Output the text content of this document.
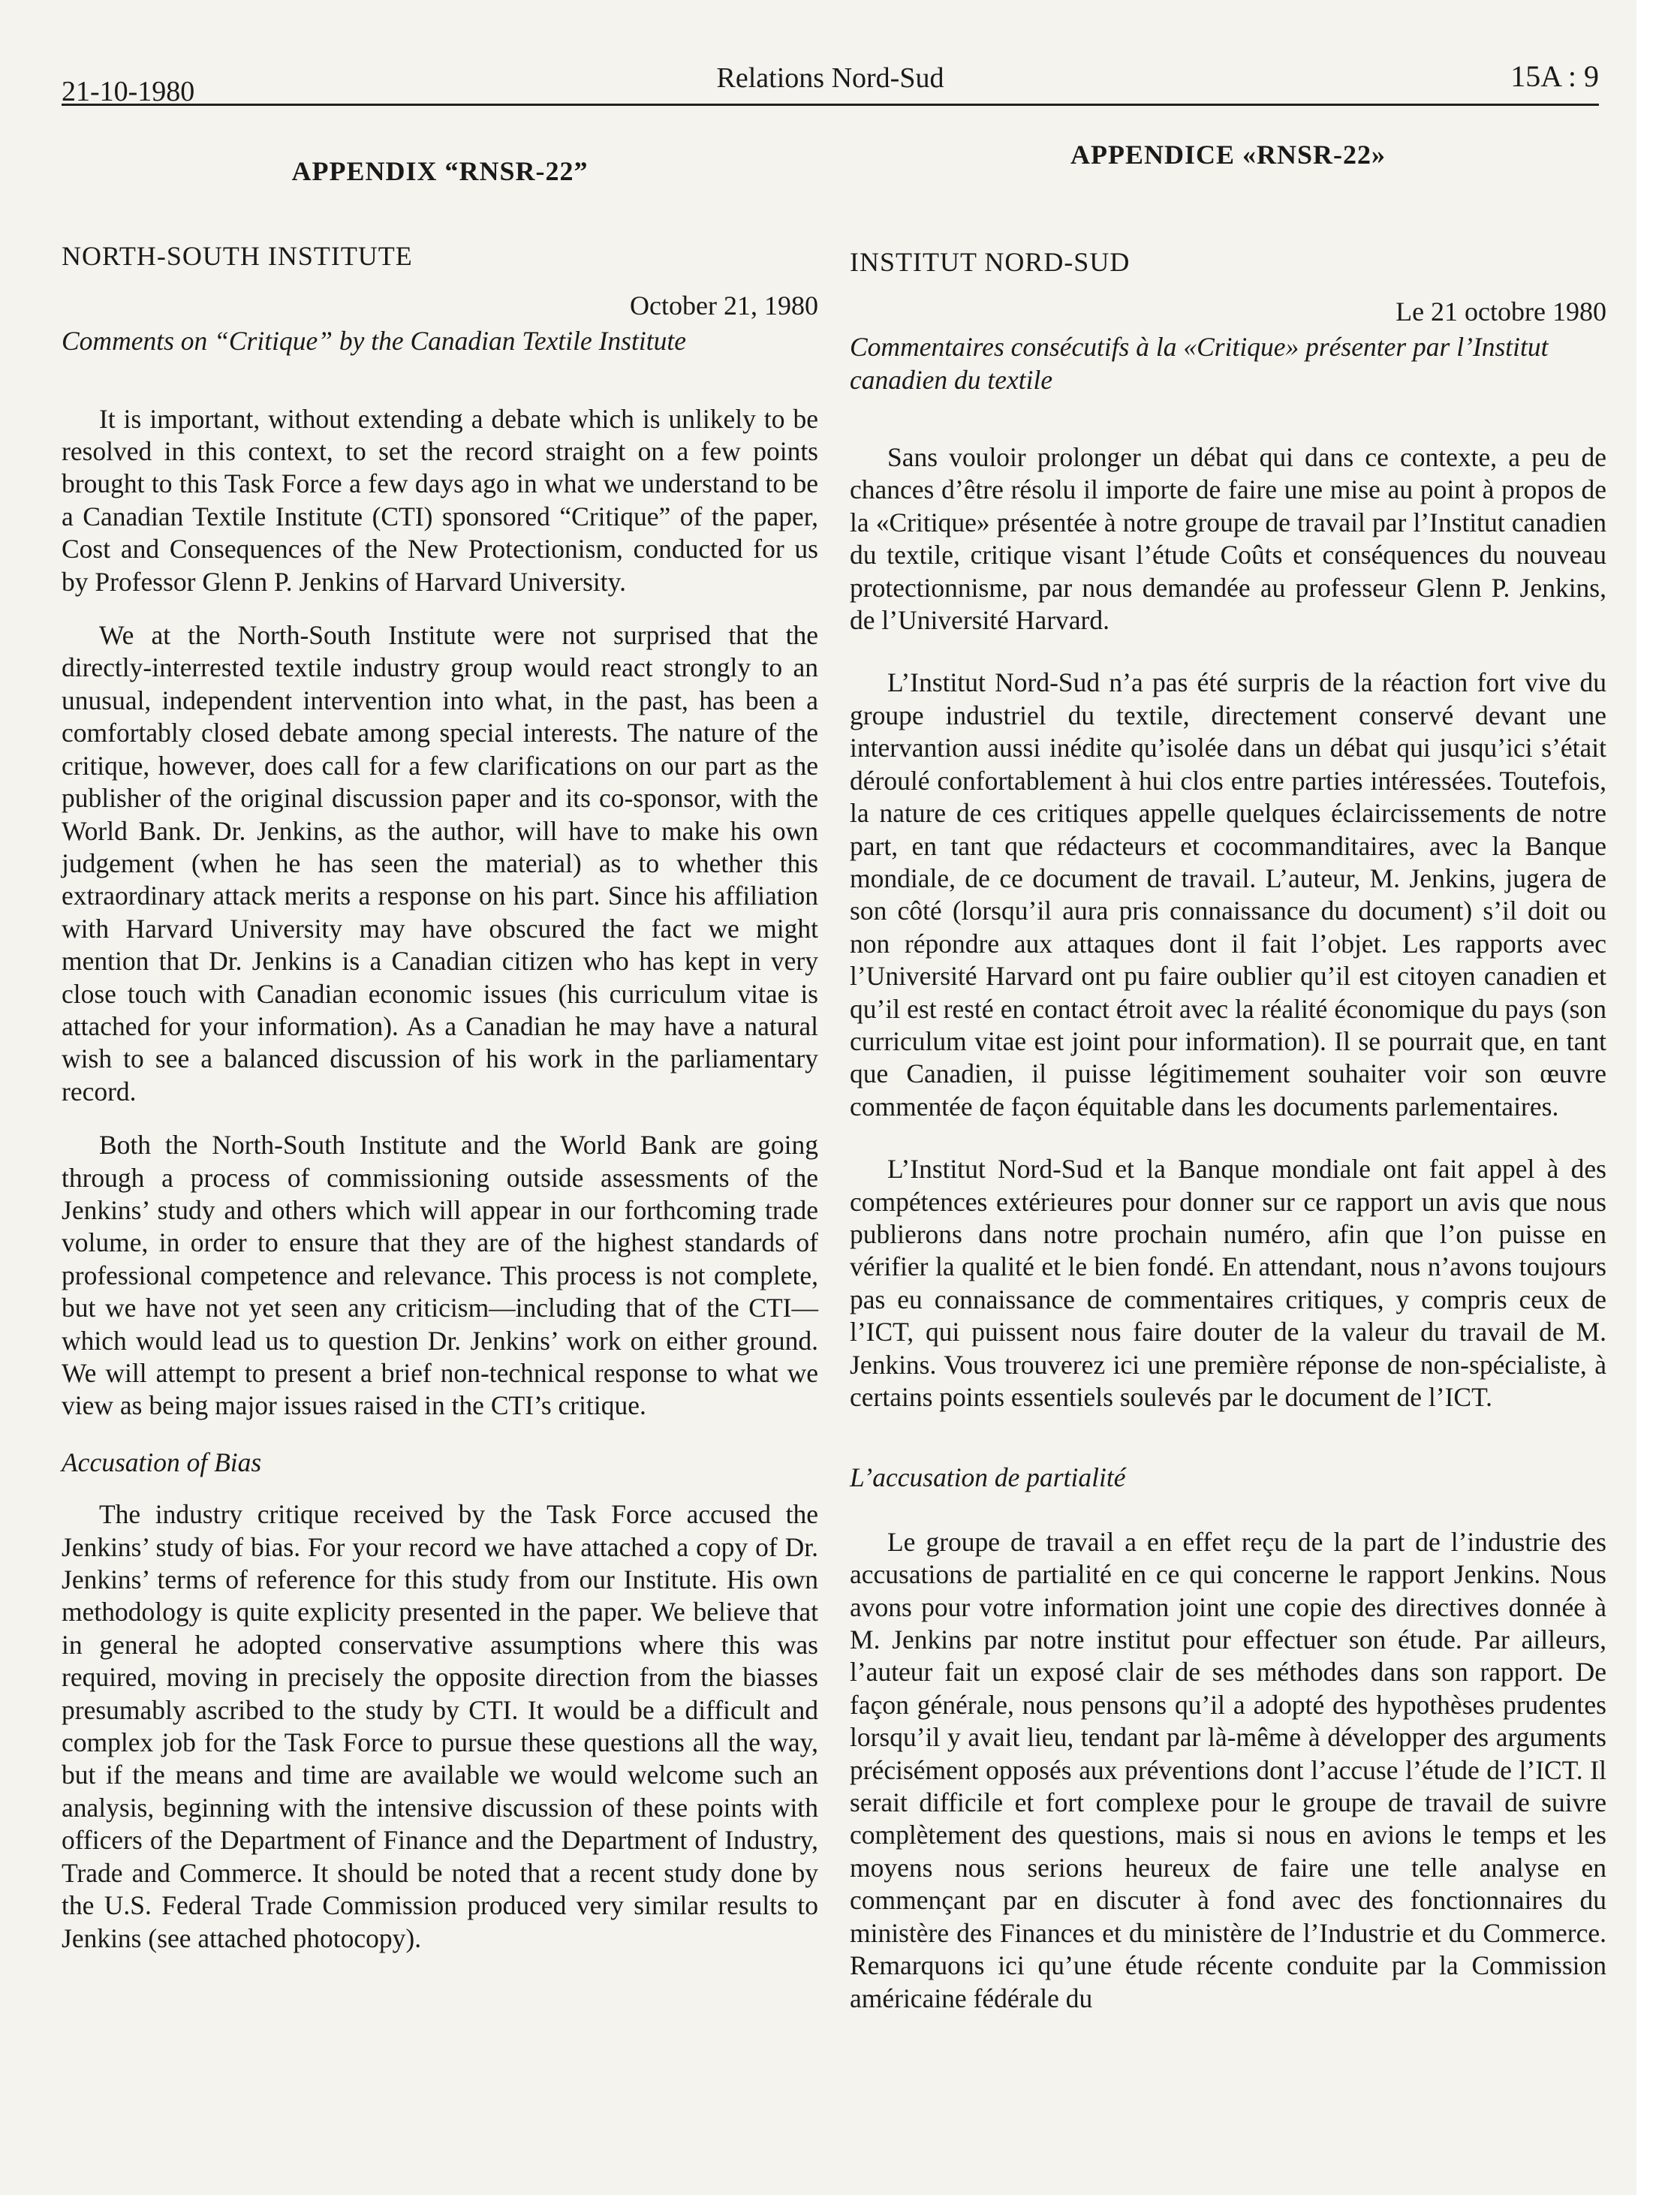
21-10-1980	Relations Nord-Sud	15A : 9
APPENDIX “RNSR-22”
NORTH-SOUTH INSTITUTE
October 21, 1980
Comments on “Critique” by the Canadian Textile Institute

It is important, without extending a debate which is unlikely to be resolved in this context, to set the record straight on a few points brought to this Task Force a few days ago in what we understand to be a Canadian Textile Institute (CTI) sponsored “Critique” of the paper, Cost and Consequences of the New Protectionism, conducted for us by Professor Glenn P. Jenkins of Harvard University.

We at the North-South Institute were not surprised that the directly-interrested textile industry group would react strongly to an unusual, independent intervention into what, in the past, has been a comfortably closed debate among special interests. The nature of the critique, however, does call for a few clarifications on our part as the publisher of the original discussion paper and its co-sponsor, with the World Bank. Dr. Jenkins, as the author, will have to make his own judgement (when he has seen the material) as to whether this extraordinary attack merits a response on his part. Since his affiliation with Harvard University may have obscured the fact we might mention that Dr. Jenkins is a Canadian citizen who has kept in very close touch with Canadian economic issues (his curriculum vitae is attached for your information). As a Canadian he may have a natural wish to see a balanced discussion of his work in the parliamentary record.

Both the North-South Institute and the World Bank are going through a process of commissioning outside assessments of the Jenkins’ study and others which will appear in our forthcoming trade volume, in order to ensure that they are of the highest standards of professional competence and relevance. This process is not complete, but we have not yet seen any criticism—including that of the CTI—which would lead us to question Dr. Jenkins’ work on either ground. We will attempt to present a brief non-technical response to what we view as being major issues raised in the CTI’s critique.

Accusation of Bias

The industry critique received by the Task Force accused the Jenkins’ study of bias. For your record we have attached a copy of Dr. Jenkins’ terms of reference for this study from our Institute. His own methodology is quite explicity presented in the paper. We believe that in general he adopted conservative assumptions where this was required, moving in precisely the opposite direction from the biasses presumably ascribed to the study by CTI. It would be a difficult and complex job for the Task Force to pursue these questions all the way, but if the means and time are available we would welcome such an analysis, beginning with the intensive discussion of these points with officers of the Department of Finance and the Department of Industry, Trade and Commerce. It should be noted that a recent study done by the U.S. Federal Trade Commission produced very similar results to Jenkins (see attached photocopy).

APPENDICE «RNSR-22»
INSTITUT NORD-SUD
Le 21 octobre 1980
Commentaires consécutifs à la «Critique» présenter par l’Institut canadien du textile

Sans vouloir prolonger un débat qui dans ce contexte, a peu de chances d’être résolu il importe de faire une mise au point à propos de la «Critique» présentée à notre groupe de travail par l’Institut canadien du textile, critique visant l’étude Coûts et conséquences du nouveau protectionnisme, par nous demandée au professeur Glenn P. Jenkins, de l’Université Harvard.

L’Institut Nord-Sud n’a pas été surpris de la réaction fort vive du groupe industriel du textile, directement conservé devant une intervantion aussi inédite qu’isolée dans un débat qui jusqu’ici s’était déroulé confortablement à hui clos entre parties intéressées. Toutefois, la nature de ces critiques appelle quelques éclaircissements de notre part, en tant que rédacteurs et cocommanditaires, avec la Banque mondiale, de ce document de travail. L’auteur, M. Jenkins, jugera de son côté (lorsqu’il aura pris connaissance du document) s’il doit ou non répondre aux attaques dont il fait l’objet. Les rapports avec l’Université Harvard ont pu faire oublier qu’il est citoyen canadien et qu’il est resté en contact étroit avec la réalité économique du pays (son curriculum vitae est joint pour information). Il se pourrait que, en tant que Canadien, il puisse légitimement souhaiter voir son œuvre commentée de façon équitable dans les documents parlementaires.

L’Institut Nord-Sud et la Banque mondiale ont fait appel à des compétences extérieures pour donner sur ce rapport un avis que nous publierons dans notre prochain numéro, afin que l’on puisse en vérifier la qualité et le bien fondé. En attendant, nous n’avons toujours pas eu connaissance de commentaires critiques, y compris ceux de l’ICT, qui puissent nous faire douter de la valeur du travail de M. Jenkins. Vous trouverez ici une première réponse de non-spécialiste, à certains points essentiels soulevés par le document de l’ICT.

L’accusation de partialité

Le groupe de travail a en effet reçu de la part de l’industrie des accusations de partialité en ce qui concerne le rapport Jenkins. Nous avons pour votre information joint une copie des directives donnée à M. Jenkins par notre institut pour effectuer son étude. Par ailleurs, l’auteur fait un exposé clair de ses méthodes dans son rapport. De façon générale, nous pensons qu’il a adopté des hypothèses prudentes lorsqu’il y avait lieu, tendant par là-même à développer des arguments précisément opposés aux préventions dont l’accuse l’étude de l’ICT. Il serait difficile et fort complexe pour le groupe de travail de suivre complètement des questions, mais si nous en avions le temps et les moyens nous serions heureux de faire une telle analyse en commençant par en discuter à fond avec des fonctionnaires du ministère des Finances et du ministère de l’Industrie et du Commerce. Remarquons ici qu’une étude récente conduite par la Commission américaine fédérale du
